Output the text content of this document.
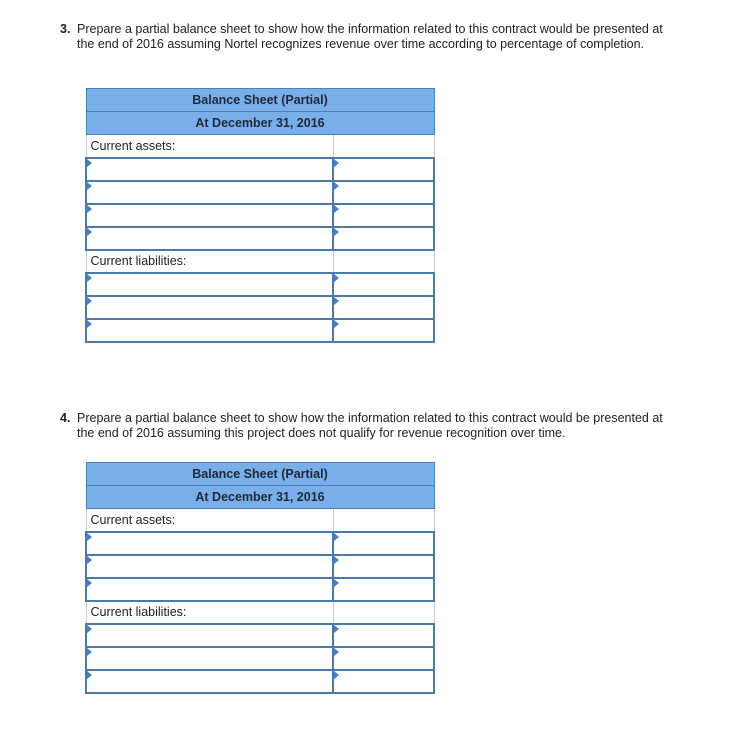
3. Prepare a partial balance sheet to show how the information related to this contract would be presented at the end of 2016 assuming Nortel recognizes revenue over time according to percentage of completion.
Balance Sheet (Partial)	
At December 31, 2016	
Current assets:	

Current liabilities:	

4. Prepare a partial balance sheet to show how the information related to this contract would be presented at the end of 2016 assuming this project does not qualify for revenue recognition over time.
Balance Sheet (Partial)	
At December 31, 2016	
Current assets:	

Current liabilities:	
